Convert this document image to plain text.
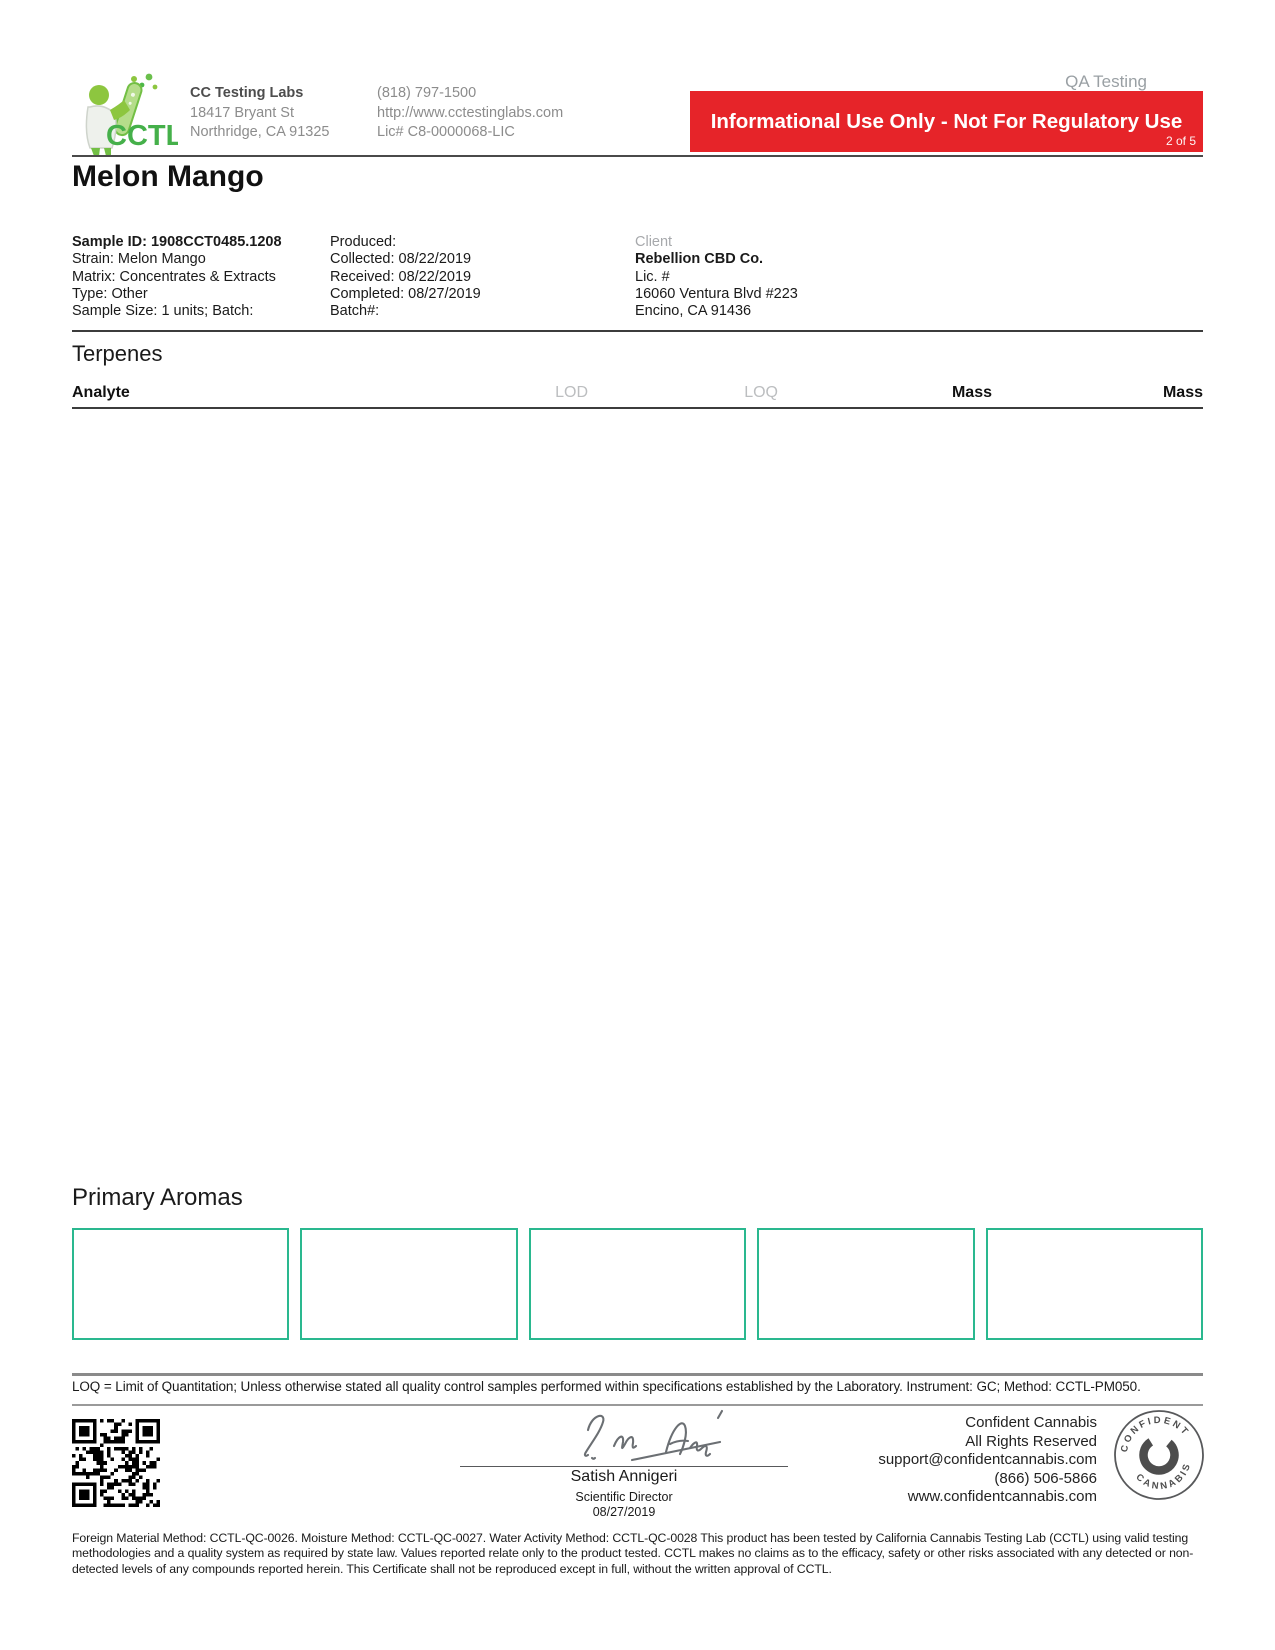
CCTL
CC Testing Labs
18417 Bryant St
Northridge, CA 91325
(818) 797-1500
http://www.cctestinglabs.com
Lic# C8-0000068-LIC
QA Testing
Informational Use Only - Not For Regulatory Use
2 of 5
Melon Mango
Sample ID: 1908CCT0485.1208
Strain: Melon Mango
Matrix: Concentrates & Extracts
Type: Other
Sample Size: 1 units; Batch:
Produced:
Collected: 08/22/2019
Received: 08/22/2019
Completed: 08/27/2019
Batch#:
Client
Rebellion CBD Co.
Lic. #
16060 Ventura Blvd #223
Encino, CA 91436
Terpenes
Analyte	LOD	LOQ	Mass	Mass
Primary Aromas
LOQ = Limit of Quantitation; Unless otherwise stated all quality control samples performed within specifications established by the Laboratory. Instrument: GC; Method: CCTL-PM050.
Satish Annigeri
Scientific Director
08/27/2019
Confident Cannabis
All Rights Reserved
support@confidentcannabis.com
(866) 506-5866
www.confidentcannabis.com
CONFIDENT
CANNABIS
Foreign Material Method: CCTL-QC-0026. Moisture Method: CCTL-QC-0027. Water Activity Method: CCTL-QC-0028 This product has been tested by California Cannabis Testing Lab (CCTL) using valid testing methodologies and a quality system as required by state law. Values reported relate only to the product tested. CCTL makes no claims as to the efficacy, safety or other risks associated with any detected or non-detected levels of any compounds reported herein. This Certificate shall not be reproduced except in full, without the written approval of CCTL.
